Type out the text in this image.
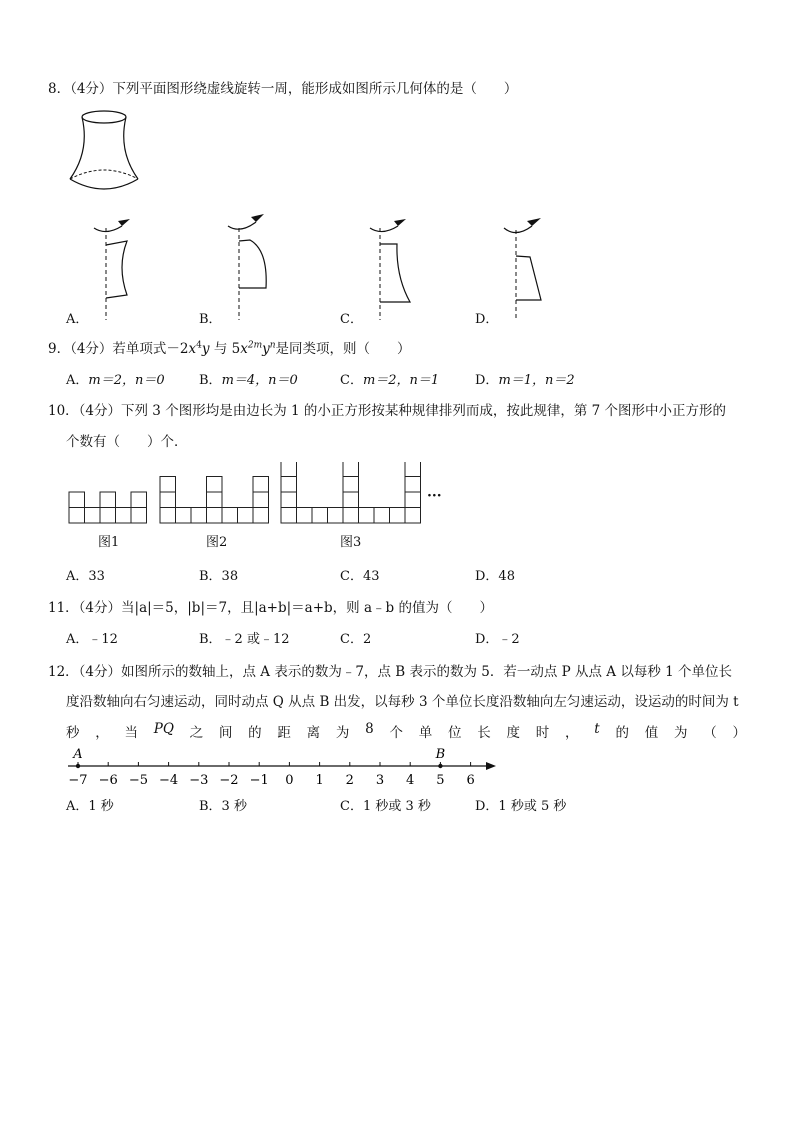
8．（4分）下列平面图形绕虚线旋转一周，能形成如图所示几何体的是（　　）
A．	B．	C．	D．
9．（4分）若单项式$-2x^4y$ 与 $5x^{2m}y^n$是同类项，则（　　）
A．m＝2，n＝0	B．m＝4，n＝0	C．m＝2，n＝1	D．m＝1，n＝2
10．（4分）下列 3 个图形均是由边长为 1 的小正方形按某种规律排列而成，按此规律，第 7 个图形中小正方形的
个数有（　　）个．
···
图1	图2	图3
A．33	B．38	C．43	D．48
11．（4分）当|a|＝5，|b|＝7，且|a+b|＝a+b，则 a﹣b 的值为（　　）
A．﹣12	B．﹣2 或﹣12	C．2	D．﹣2
12．（4分）如图所示的数轴上，点 A 表示的数为﹣7，点 B 表示的数为 5．若一动点 P 从点 A 以每秒 1 个单位长
度沿数轴向右匀速运动，同时动点 Q 从点 B 出发，以每秒 3 个单位长度沿数轴向左匀速运动，设运动的时间为 t
秒 ， 当 PQ 之 间 的 距 离 为 8 个 单 位 长 度 时 ， t 的 值 为 （ ）
−7 −6 −5 −4 −3 −2 −1 0 1 2 3 4 5 6
A	B
A．1 秒	B．3 秒	C．1 秒或 3 秒	D．1 秒或 5 秒
